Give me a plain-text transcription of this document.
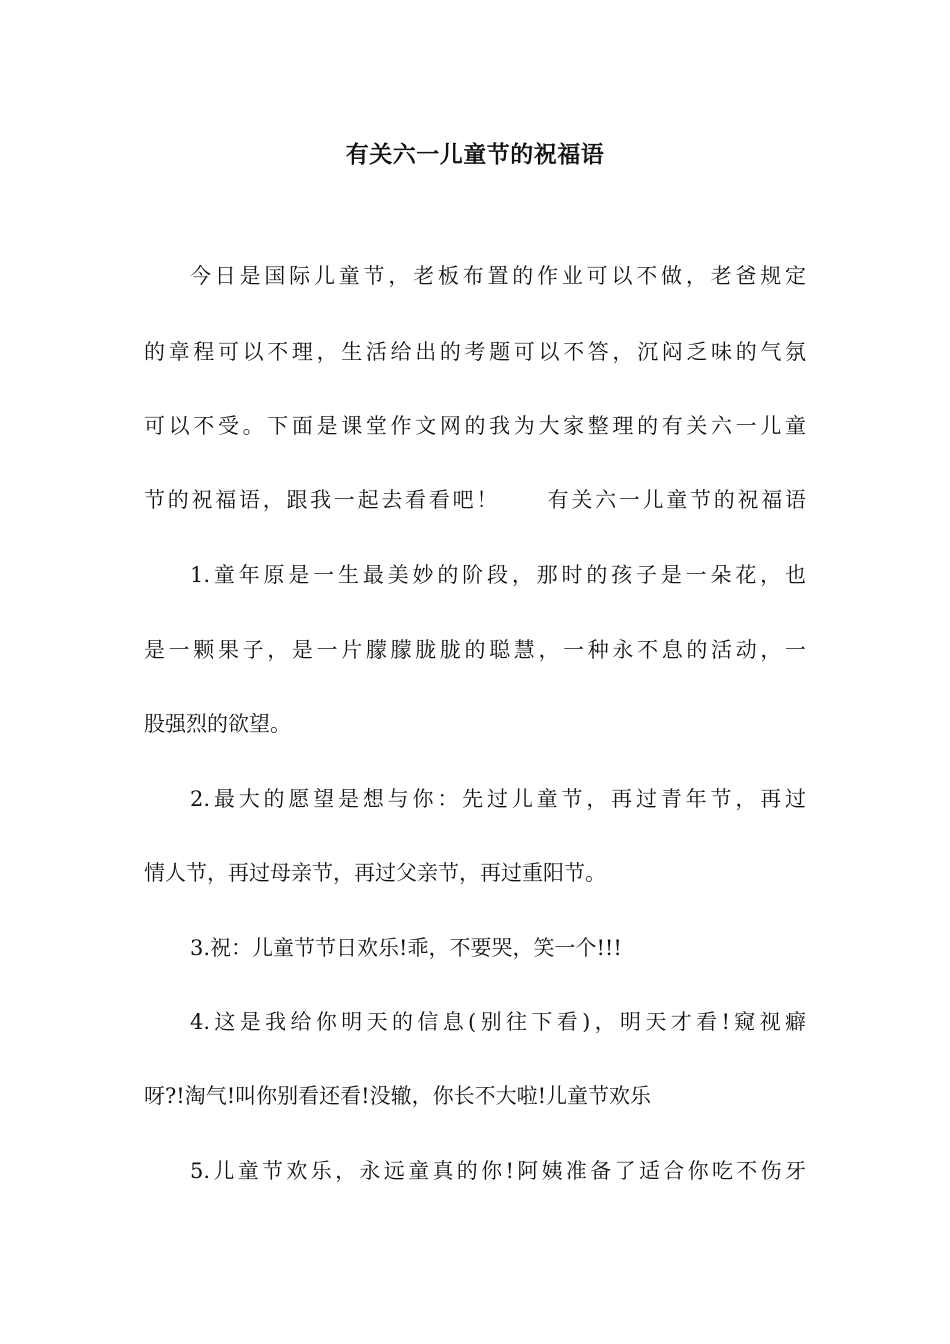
有关六一儿童节的祝福语
今日是国际儿童节，老板布置的作业可以不做，老爸规定
的章程可以不理，生活给出的考题可以不答，沉闷乏味的气氛
可以不受。下面是课堂作文网的我为大家整理的有关六一儿童
节的祝福语，跟我一起去看看吧！　　有关六一儿童节的祝福语
1.童年原是一生最美妙的阶段，那时的孩子是一朵花，也
是一颗果子，是一片朦朦胧胧的聪慧，一种永不息的活动，一
股强烈的欲望。
2.最大的愿望是想与你：先过儿童节，再过青年节，再过
情人节，再过母亲节，再过父亲节，再过重阳节。
3.祝：儿童节节日欢乐!乖，不要哭，笑一个!!!
4.这是我给你明天的信息(别往下看)，明天才看!窥视癖
呀?!淘气!叫你别看还看!没辙，你长不大啦!儿童节欢乐
5.儿童节欢乐，永远童真的你!阿姨准备了适合你吃不伤牙
